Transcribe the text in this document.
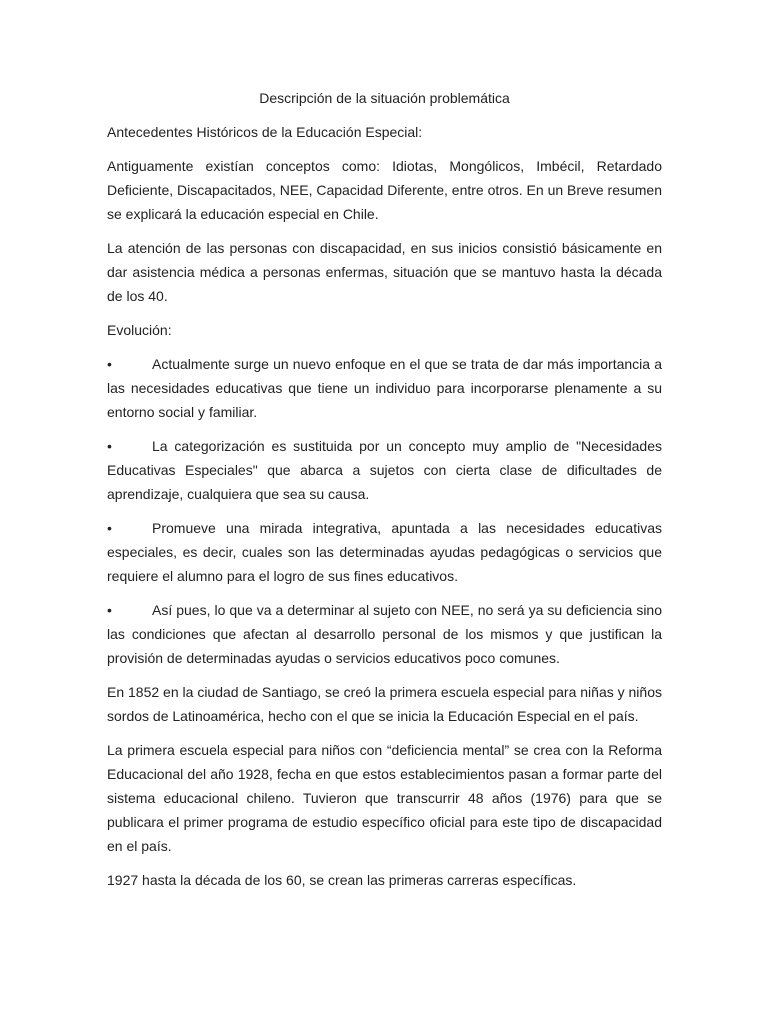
Descripción de la situación problemática

Antecedentes Históricos de la Educación Especial:

Antiguamente existían conceptos como: Idiotas, Mongólicos, Imbécil, Retardado Deficiente, Discapacitados, NEE, Capacidad Diferente, entre otros. En un Breve resumen se explicará la educación especial en Chile.

La atención de las personas con discapacidad, en sus inicios consistió básicamente en dar asistencia médica a personas enfermas, situación que se mantuvo hasta la década de los 40.

Evolución:

•	Actualmente surge un nuevo enfoque en el que se trata de dar más importancia a las necesidades educativas que tiene un individuo para incorporarse plenamente a su entorno social y familiar.

•	La categorización es sustituida por un concepto muy amplio de "Necesidades Educativas Especiales" que abarca a sujetos con cierta clase de dificultades de aprendizaje, cualquiera que sea su causa.

•	Promueve una mirada integrativa, apuntada a las necesidades educativas especiales, es decir, cuales son las determinadas ayudas pedagógicas o servicios que requiere el alumno para el logro de sus fines educativos.

•	Así pues, lo que va a determinar al sujeto con NEE, no será ya su deficiencia sino las condiciones que afectan al desarrollo personal de los mismos y que justifican la provisión de determinadas ayudas o servicios educativos poco comunes.

En 1852 en la ciudad de Santiago, se creó la primera escuela especial para niñas y niños sordos de Latinoamérica, hecho con el que se inicia la Educación Especial en el país.

La primera escuela especial para niños con “deficiencia mental” se crea con la Reforma Educacional del año 1928, fecha en que estos establecimientos pasan a formar parte del sistema educacional chileno. Tuvieron que transcurrir 48 años (1976) para que se publicara el primer programa de estudio específico oficial para este tipo de discapacidad en el país.

1927 hasta la década de los 60, se crean las primeras carreras específicas.
